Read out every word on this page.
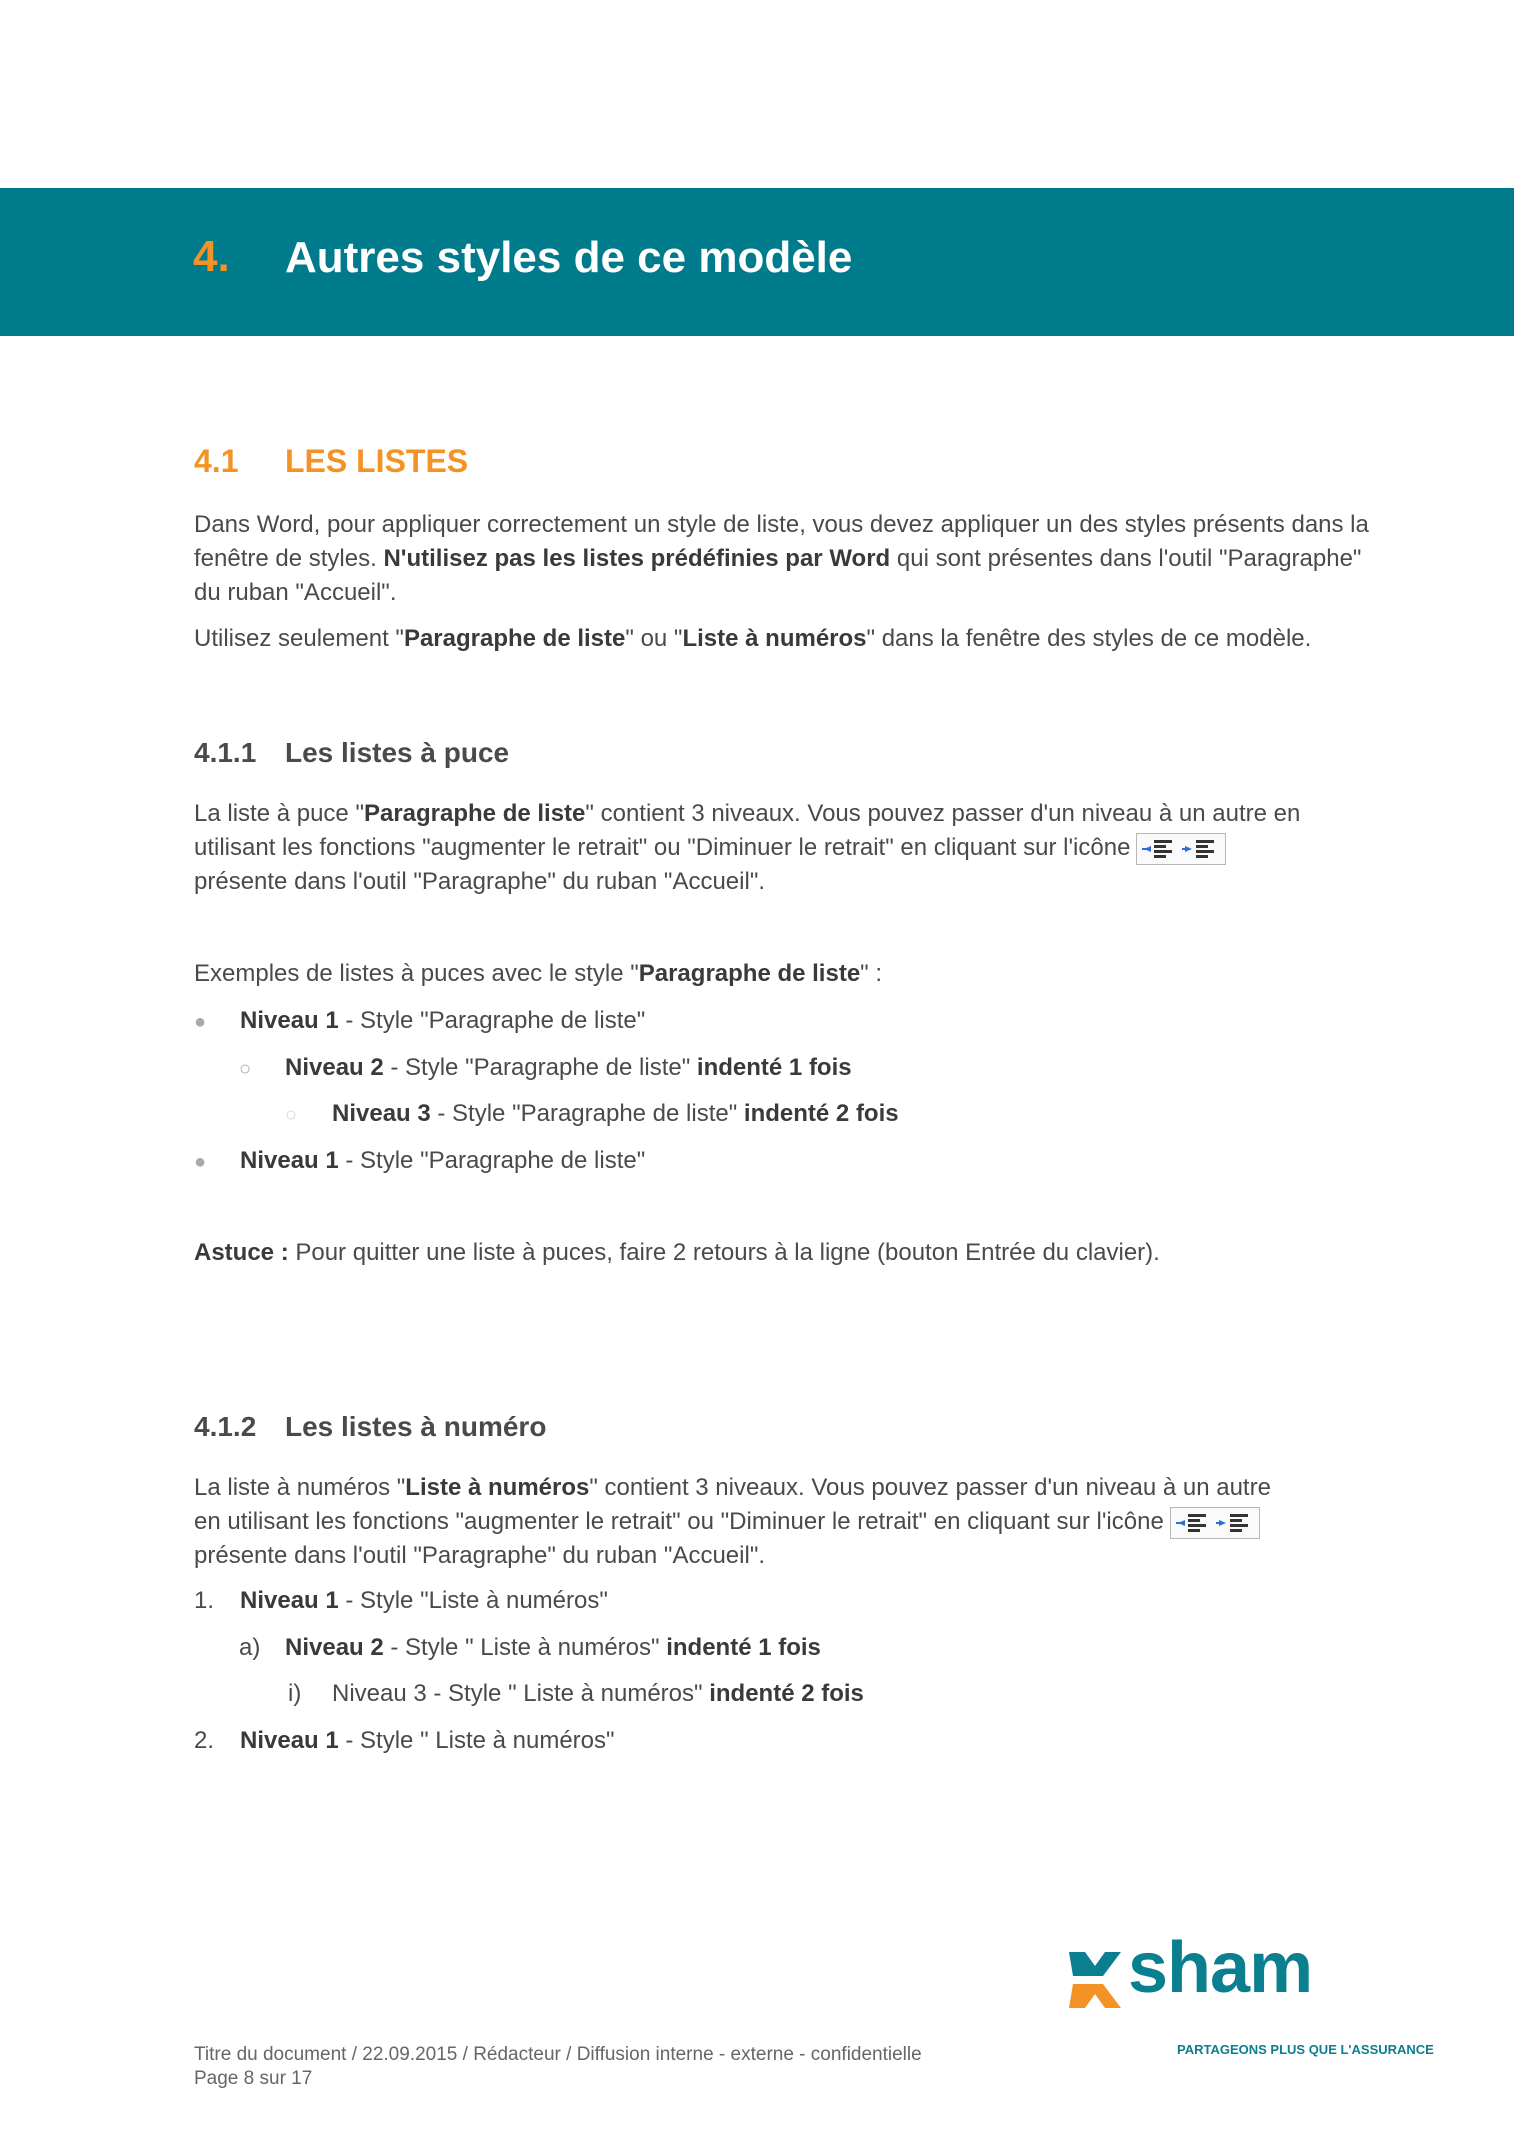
4. Autres styles de ce modèle
4.1 LES LISTES

Dans Word, pour appliquer correctement un style de liste, vous devez appliquer un des styles présents dans la fenêtre de styles. N'utilisez pas les listes prédéfinies par Word qui sont présentes dans l'outil "Paragraphe" du ruban "Accueil".

Utilisez seulement "Paragraphe de liste" ou "Liste à numéros" dans la fenêtre des styles de ce modèle.

4.1.1 Les listes à puce

La liste à puce "Paragraphe de liste" contient 3 niveaux. Vous pouvez passer d'un niveau à un autre en utilisant les fonctions "augmenter le retrait" ou "Diminuer le retrait" en cliquant sur l'icône
présente dans l'outil "Paragraphe" du ruban "Accueil".

Exemples de listes à puces avec le style "Paragraphe de liste" :

● Niveau 1 - Style "Paragraphe de liste"
○ Niveau 2 - Style "Paragraphe de liste" indenté 1 fois
○ Niveau 3 - Style "Paragraphe de liste" indenté 2 fois
● Niveau 1 - Style "Paragraphe de liste"

Astuce : Pour quitter une liste à puces, faire 2 retours à la ligne (bouton Entrée du clavier).

4.1.2 Les listes à numéro

La liste à numéros "Liste à numéros" contient 3 niveaux. Vous pouvez passer d'un niveau à un autre en utilisant les fonctions "augmenter le retrait" ou "Diminuer le retrait" en cliquant sur l'icône
présente dans l'outil "Paragraphe" du ruban "Accueil".

1. Niveau 1 - Style "Liste à numéros"
a) Niveau 2 - Style " Liste à numéros" indenté 1 fois
i) Niveau 3 - Style " Liste à numéros" indenté 2 fois
2. Niveau 1 - Style " Liste à numéros"
sham
PARTAGEONS PLUS QUE L'ASSURANCE
Titre du document / 22.09.2015 / Rédacteur / Diffusion interne - externe - confidentielle
Page 8 sur 17
